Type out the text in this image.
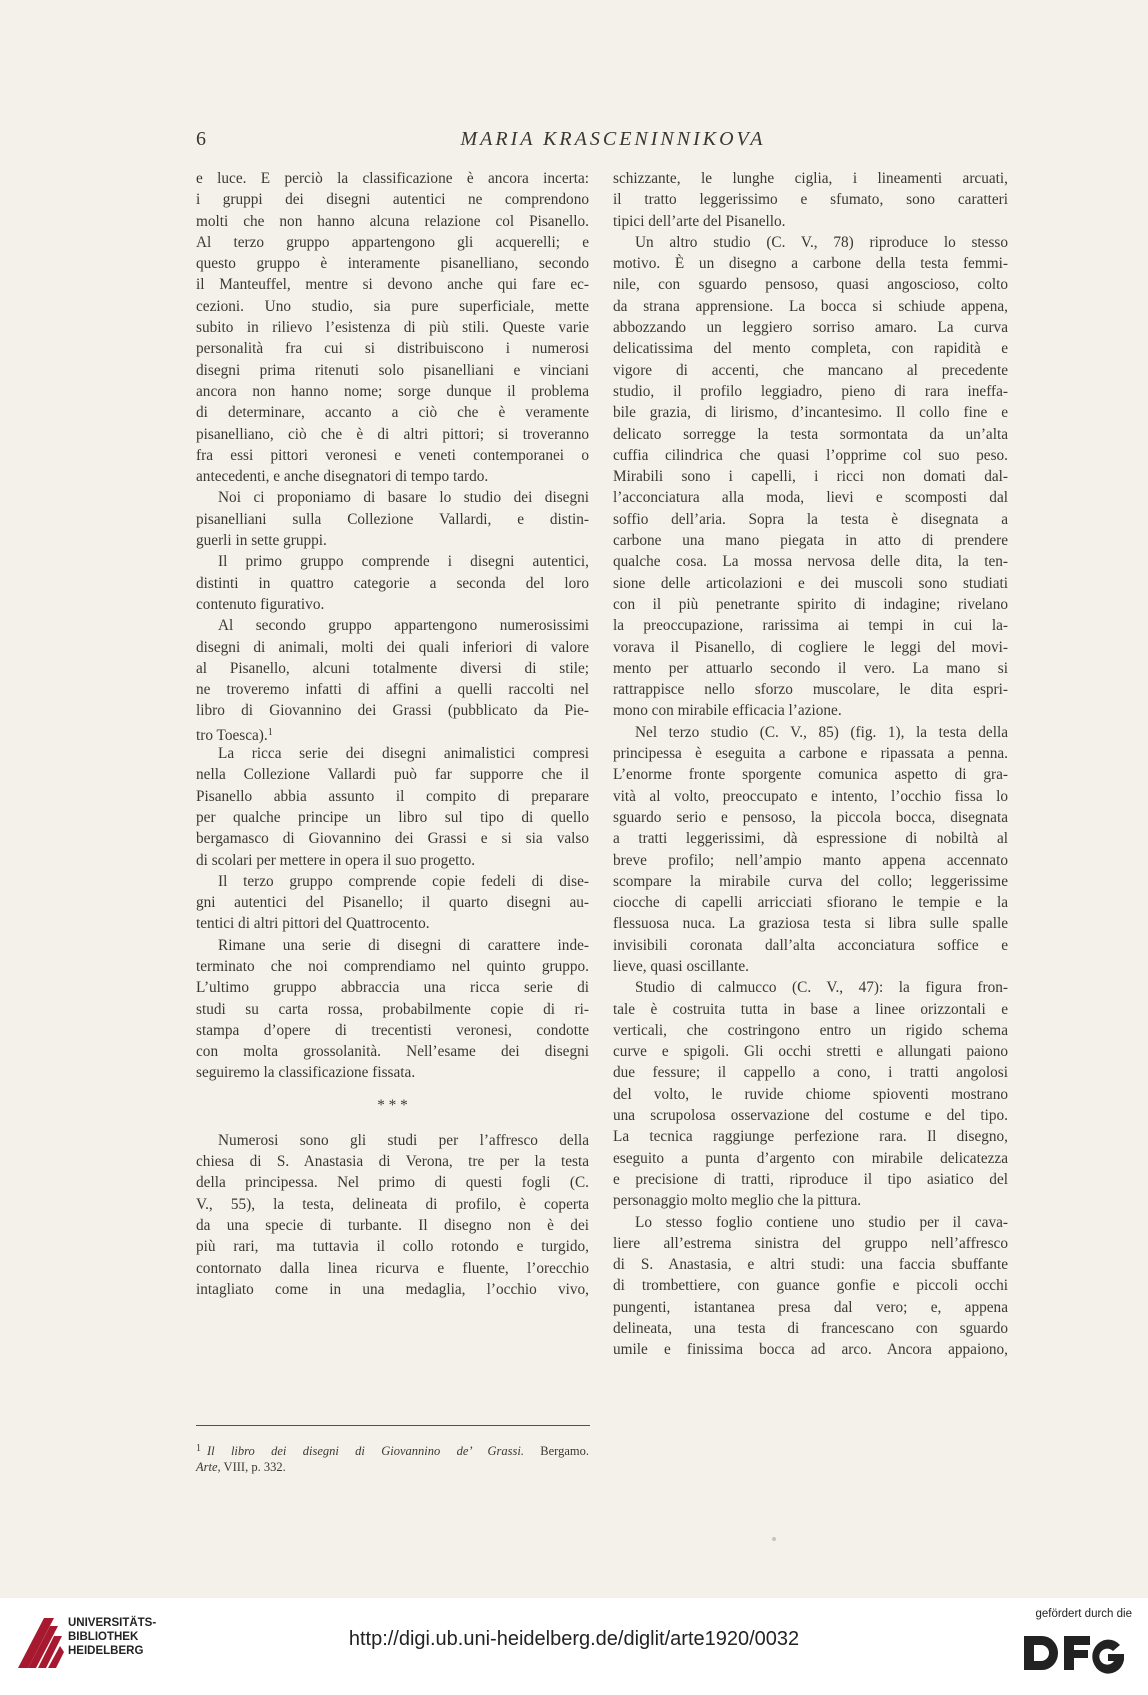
6	MARIA KRASCENINNIKOVA
e luce. E perciò la classificazione è ancora incerta:
i gruppi dei disegni autentici ne comprendono
molti che non hanno alcuna relazione col Pisanello.
Al terzo gruppo appartengono gli acquerelli; e
questo gruppo è interamente pisanelliano, secondo
il Manteuffel, mentre si devono anche qui fare ec-
cezioni. Uno studio, sia pure superficiale, mette
subito in rilievo l’esistenza di più stili. Queste varie
personalità fra cui si distribuiscono i numerosi
disegni prima ritenuti solo pisanelliani e vinciani
ancora non hanno nome; sorge dunque il problema
di determinare, accanto a ciò che è veramente
pisanelliano, ciò che è di altri pittori; si troveranno
fra essi pittori veronesi e veneti contemporanei o
antecedenti, e anche disegnatori di tempo tardo.
Noi ci proponiamo di basare lo studio dei disegni
pisanelliani sulla Collezione Vallardi, e distin-
guerli in sette gruppi.
Il primo gruppo comprende i disegni autentici,
distinti in quattro categorie a seconda del loro
contenuto figurativo.
Al secondo gruppo appartengono numerosissimi
disegni di animali, molti dei quali inferiori di valore
al Pisanello, alcuni totalmente diversi di stile;
ne troveremo infatti di affini a quelli raccolti nel
libro di Giovannino dei Grassi (pubblicato da Pie-
tro Toesca).$^1$
La ricca serie dei disegni animalistici compresi
nella Collezione Vallardi può far supporre che il
Pisanello abbia assunto il compito di preparare
per qualche principe un libro sul tipo di quello
bergamasco di Giovannino dei Grassi e si sia valso
di scolari per mettere in opera il suo progetto.
Il terzo gruppo comprende copie fedeli di dise-
gni autentici del Pisanello; il quarto disegni au-
tentici di altri pittori del Quattrocento.
Rimane una serie di disegni di carattere inde-
terminato che noi comprendiamo nel quinto gruppo.
L’ultimo gruppo abbraccia una ricca serie di
studi su carta rossa, probabilmente copie di ri-
stampa d’opere di trecentisti veronesi, condotte
con molta grossolanità. Nell’esame dei disegni
seguiremo la classificazione fissata.
* * *
Numerosi sono gli studi per l’affresco della
chiesa di S. Anastasia di Verona, tre per la testa
della principessa. Nel primo di questi fogli (C.
V., 55), la testa, delineata di profilo, è coperta
da una specie di turbante. Il disegno non è dei
più rari, ma tuttavia il collo rotondo e turgido,
contornato dalla linea ricurva e fluente, l’orecchio
intagliato come in una medaglia, l’occhio vivo,
schizzante, le lunghe ciglia, i lineamenti arcuati,
il tratto leggerissimo e sfumato, sono caratteri
tipici dell’arte del Pisanello.
Un altro studio (C. V., 78) riproduce lo stesso
motivo. È un disegno a carbone della testa femmi-
nile, con sguardo pensoso, quasi angoscioso, colto
da strana apprensione. La bocca si schiude appena,
abbozzando un leggiero sorriso amaro. La curva
delicatissima del mento completa, con rapidità e
vigore di accenti, che mancano al precedente
studio, il profilo leggiadro, pieno di rara ineffa-
bile grazia, di lirismo, d’incantesimo. Il collo fine e
delicato sorregge la testa sormontata da un’alta
cuffia cilindrica che quasi l’opprime col suo peso.
Mirabili sono i capelli, i ricci non domati dal-
l’acconciatura alla moda, lievi e scomposti dal
soffio dell’aria. Sopra la testa è disegnata a
carbone una mano piegata in atto di prendere
qualche cosa. La mossa nervosa delle dita, la ten-
sione delle articolazioni e dei muscoli sono studiati
con il più penetrante spirito di indagine; rivelano
la preoccupazione, rarissima ai tempi in cui la-
vorava il Pisanello, di cogliere le leggi del movi-
mento per attuarlo secondo il vero. La mano si
rattrappisce nello sforzo muscolare, le dita espri-
mono con mirabile efficacia l’azione.
Nel terzo studio (C. V., 85) (fig. 1), la testa della
principessa è eseguita a carbone e ripassata a penna.
L’enorme fronte sporgente comunica aspetto di gra-
vità al volto, preoccupato e intento, l’occhio fissa lo
sguardo serio e pensoso, la piccola bocca, disegnata
a tratti leggerissimi, dà espressione di nobiltà al
breve profilo; nell’ampio manto appena accennato
scompare la mirabile curva del collo; leggerissime
ciocche di capelli arricciati sfiorano le tempie e la
flessuosa nuca. La graziosa testa si libra sulle spalle
invisibili coronata dall’alta acconciatura soffice e
lieve, quasi oscillante.
Studio di calmucco (C. V., 47): la figura fron-
tale è costruita tutta in base a linee orizzontali e
verticali, che costringono entro un rigido schema
curve e spigoli. Gli occhi stretti e allungati paiono
due fessure; il cappello a cono, i tratti angolosi
del volto, le ruvide chiome spioventi mostrano
una scrupolosa osservazione del costume e del tipo.
La tecnica raggiunge perfezione rara. Il disegno,
eseguito a punta d’argento con mirabile delicatezza
e precisione di tratti, riproduce il tipo asiatico del
personaggio molto meglio che la pittura.
Lo stesso foglio contiene uno studio per il cava-
liere all’estrema sinistra del gruppo nell’affresco
di S. Anastasia, e altri studi: una faccia sbuffante
di trombettiere, con guance gonfie e piccoli occhi
pungenti, istantanea presa dal vero; e, appena
delineata, una testa di francescano con sguardo
umile e finissima bocca ad arco. Ancora appaiono,
$^1$ Il libro dei disegni di Giovannino de’ Grassi. Bergamo.
Arte, VIII, p. 332.
UNIVERSITÄTS-
BIBLIOTHEK
HEIDELBERG
http://digi.ub.uni-heidelberg.de/diglit/arte1920/0032
gefördert durch die
